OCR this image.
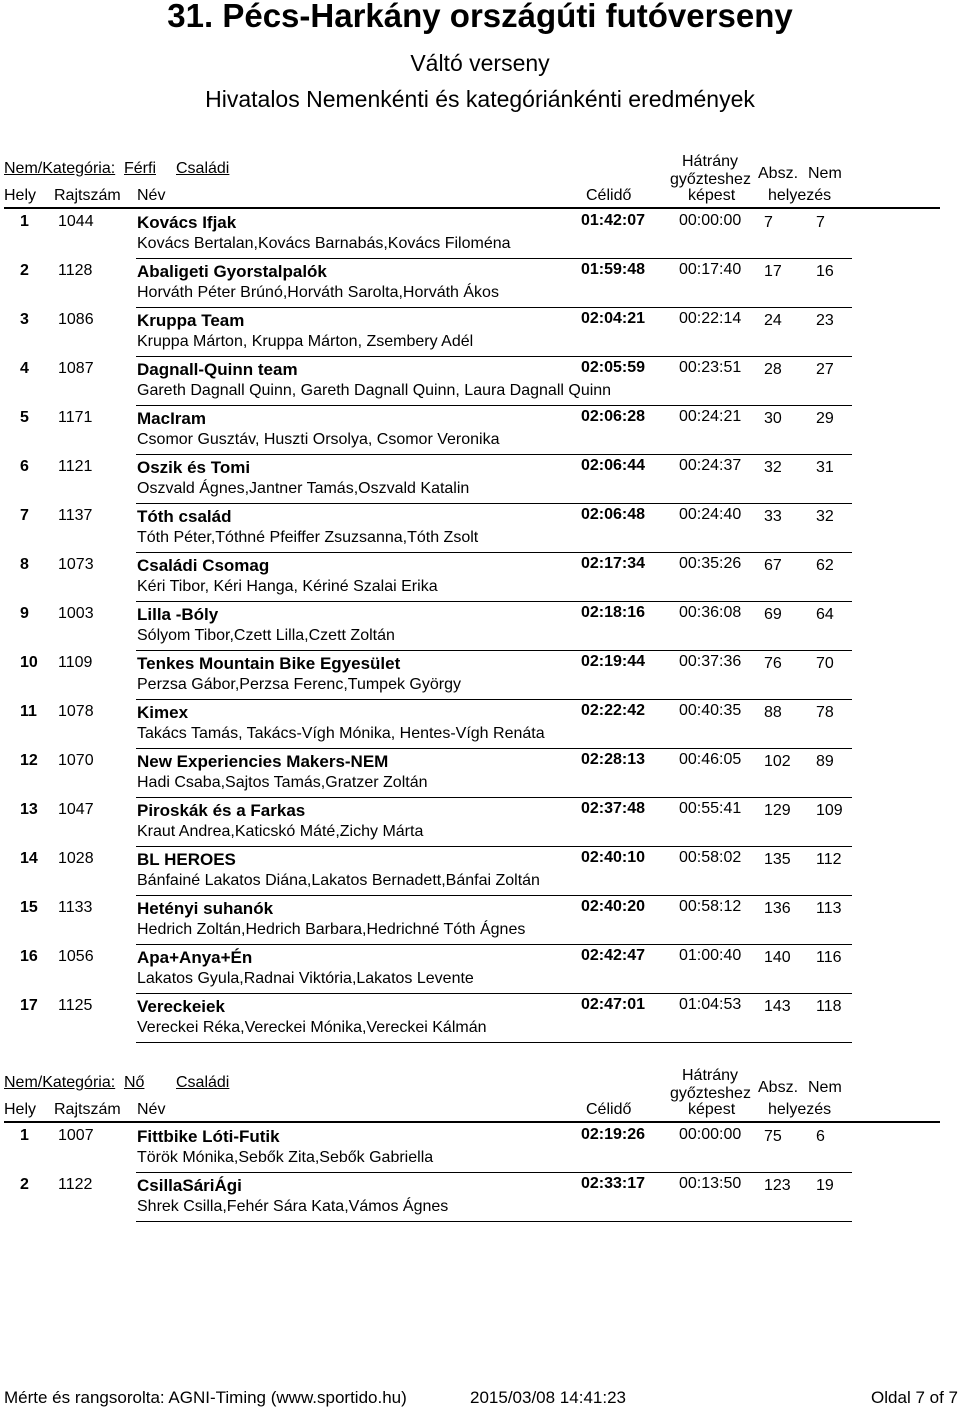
31. Pécs-Harkány országúti futóverseny
Váltó verseny
Hivatalos Nemenkénti és kategóriánkénti eredmények
Nem/Kategória: Férfi Családi
Hely Rajtszám Név	Célidő
Hátrány
győzteshez
képest
Absz. Nem
helyezés
1 1044	Kovács Ifjak
Kovács Bertalan,Kovács Barnabás,Kovács Filoména
01:42:07 00:00:00 7	7
2 1128	Abaligeti Gyorstalpalók
Horváth Péter Brúnó,Horváth Sarolta,Horváth Ákos
01:59:48 00:17:40 17 16
3 1086	Kruppa Team
Kruppa Márton, Kruppa Márton, Zsembery Adél
02:04:21 00:22:14 24 23
4 1087	Dagnall-Quinn team
Gareth Dagnall Quinn, Gareth Dagnall Quinn, Laura Dagnall Quinn
02:05:59 00:23:51 28 27
5 1171	MacIram
Csomor Gusztáv, Huszti Orsolya, Csomor Veronika
02:06:28 00:24:21 30 29
6 1121	Oszik és Tomi
Oszvald Ágnes,Jantner Tamás,Oszvald Katalin
02:06:44 00:24:37 32 31
7 1137	Tóth család
Tóth Péter,Tóthné Pfeiffer Zsuzsanna,Tóth Zsolt
02:06:48 00:24:40 33 32
8 1073	Családi Csomag
Kéri Tibor, Kéri Hanga, Kériné Szalai Erika
02:17:34 00:35:26 67 62
9 1003	Lilla -Bóly
Sólyom Tibor,Czett Lilla,Czett Zoltán
02:18:16 00:36:08 69 64
10 1109	Tenkes Mountain Bike Egyesület
Perzsa Gábor,Perzsa Ferenc,Tumpek György
02:19:44 00:37:36 76 70
11 1078	Kimex
Takács Tamás, Takács-Vígh Mónika, Hentes-Vígh Renáta
02:22:42 00:40:35 88 78
12 1070	New Experiencies Makers-NEM
Hadi Csaba,Sajtos Tamás,Gratzer Zoltán
02:28:13 00:46:05 102 89
13 1047	Piroskák és a Farkas
Kraut Andrea,Katicskó Máté,Zichy Márta
02:37:48 00:55:41 129 109
14 1028	BL HEROES
Bánfainé Lakatos Diána,Lakatos Bernadett,Bánfai Zoltán
02:40:10 00:58:02 135 112
15 1133	Hetényi suhanók
Hedrich Zoltán,Hedrich Barbara,Hedrichné Tóth Ágnes
02:40:20 00:58:12 136 113
16 1056	Apa+Anya+Én
Lakatos Gyula,Radnai Viktória,Lakatos Levente
02:42:47 01:00:40 140 116
17 1125	Vereckeiek
Vereckei Réka,Vereckei Mónika,Vereckei Kálmán
02:47:01 01:04:53 143 118
Nem/Kategória: Nő Családi
Hely Rajtszám Név	Célidő
Hátrány
győzteshez
képest
Absz. Nem
helyezés
1 1007	Fittbike Lóti-Futik
Török Mónika,Sebők Zita,Sebők Gabriella
02:19:26 00:00:00 75 6
2 1122	CsillaSáriÁgi
Shrek Csilla,Fehér Sára Kata,Vámos Ágnes
02:33:17 00:13:50 123 19
Mérte és rangsorolta: AGNI-Timing (www.sportido.hu)	2015/03/08 14:41:23	Oldal 7 of 7
